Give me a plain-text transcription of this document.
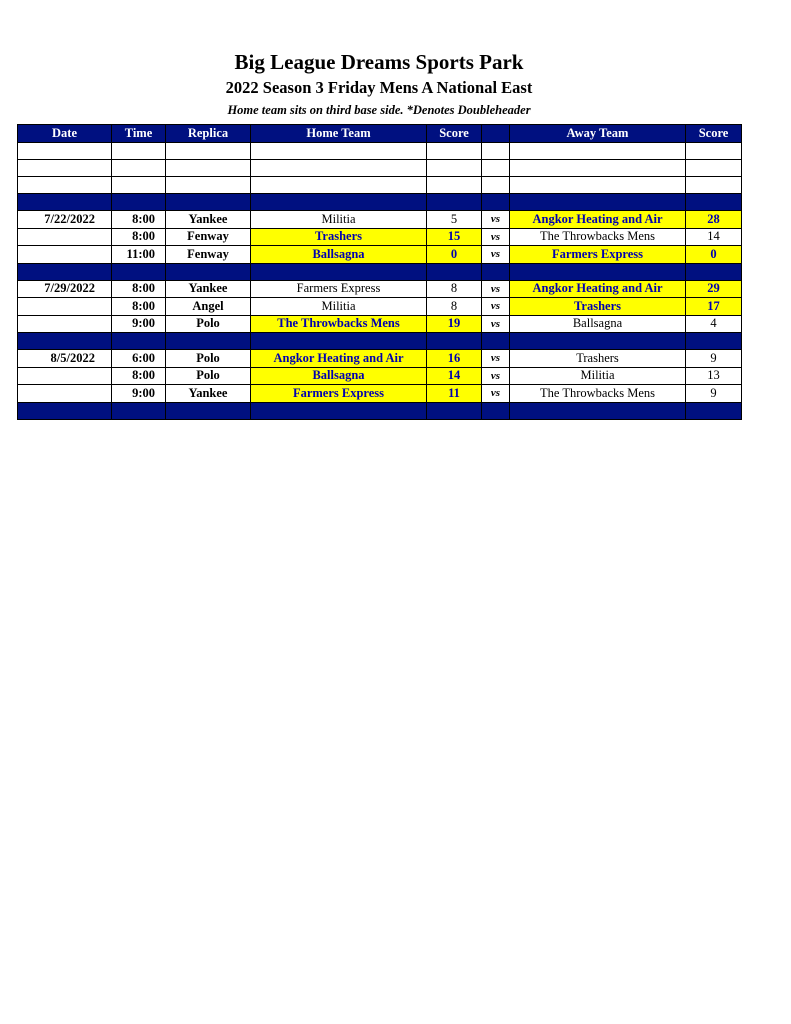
Big League Dreams Sports Park
2022 Season 3 Friday Mens A National East
Home team sits on third base side. *Denotes Doubleheader
Date	Time	Replica	Home Team	Score		Away Team	Score

7/22/2022	8:00	Yankee	Militia	5	vs	Angkor Heating and Air	28
	8:00	Fenway	Trashers	15	vs	The Throwbacks Mens	14
	11:00	Fenway	Ballsagna	0	vs	Farmers Express	0

7/29/2022	8:00	Yankee	Farmers Express	8	vs	Angkor Heating and Air	29
	8:00	Angel	Militia	8	vs	Trashers	17
	9:00	Polo	The Throwbacks Mens	19	vs	Ballsagna	4

8/5/2022	6:00	Polo	Angkor Heating and Air	16	vs	Trashers	9
	8:00	Polo	Ballsagna	14	vs	Militia	13
	9:00	Yankee	Farmers Express	11	vs	The Throwbacks Mens	9
